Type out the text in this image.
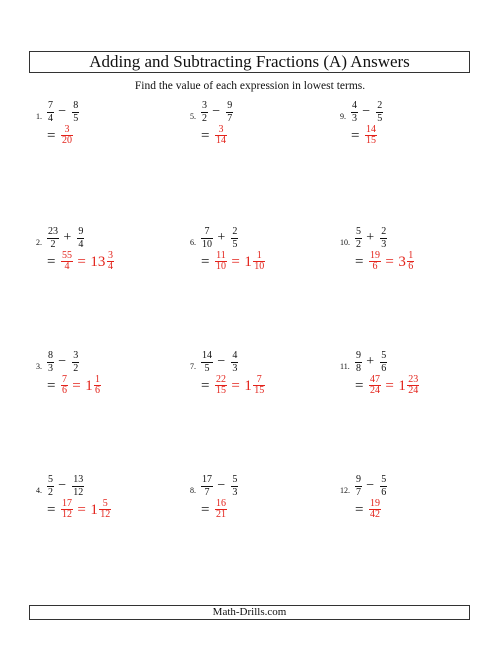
Adding and Subtracting Fractions (A) Answers
Find the value of each expression in lowest terms.
1.
7
4 − 8
5
= 3
20
2.
23
2 + 9
4
= 55
4 = 13 3
4
3.
8
3 − 3
2
= 7
6 = 1 1
6
4.
5
2 − 13
12
= 17
12 = 1 5
12
5.
3
2 − 9
7
= 3
14
6.
7
10 + 2
5
= 11
10 = 1 1
10
7.
14
5 − 4
3
= 22
15 = 1 7
15
8.
17
7 − 5
3
= 16
21
9.
4
3 − 2
5
= 14
15
10.
5
2 + 2
3
= 19
6 = 3 1
6
11.
9
8 + 5
6
= 47
24 = 1 23
24
12.
9
7 − 5
6
= 19
42
Math-Drills.com
